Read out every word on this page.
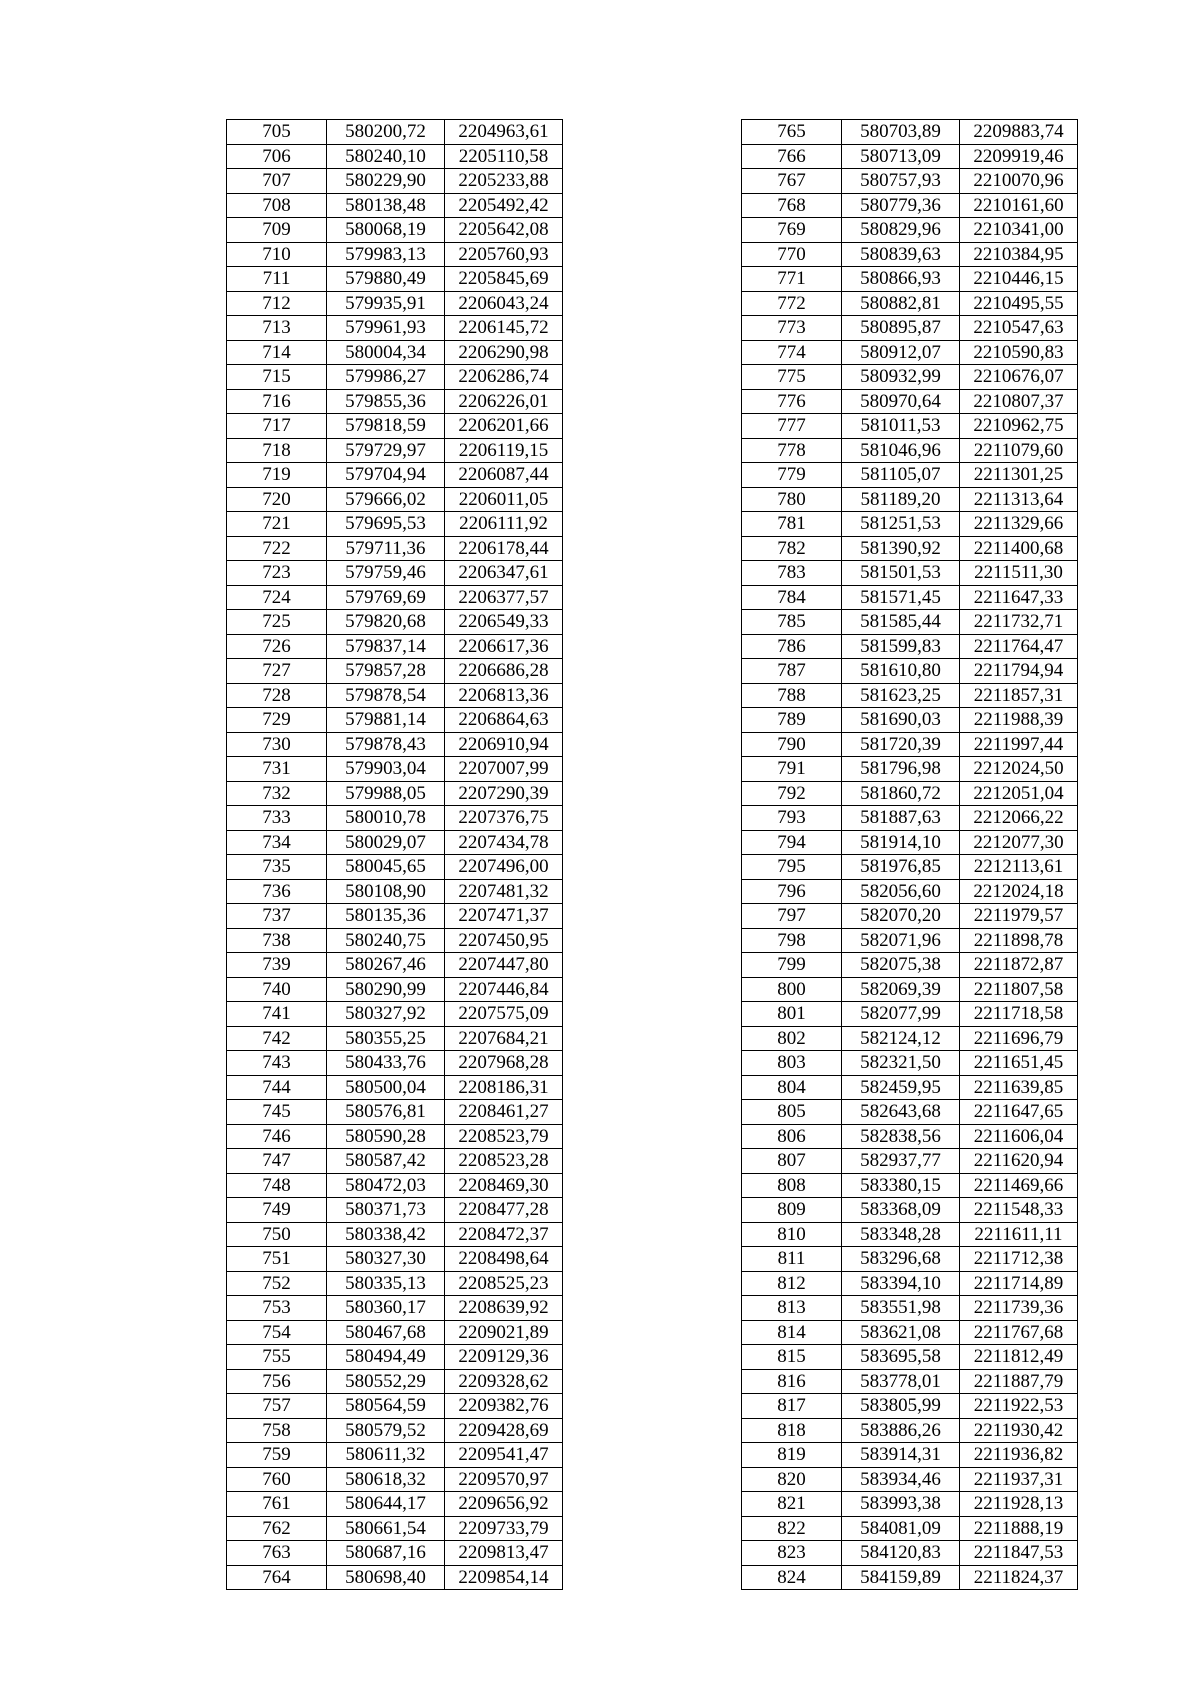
705	580200,72	2204963,61
706	580240,10	2205110,58
707	580229,90	2205233,88
708	580138,48	2205492,42
709	580068,19	2205642,08
710	579983,13	2205760,93
711	579880,49	2205845,69
712	579935,91	2206043,24
713	579961,93	2206145,72
714	580004,34	2206290,98
715	579986,27	2206286,74
716	579855,36	2206226,01
717	579818,59	2206201,66
718	579729,97	2206119,15
719	579704,94	2206087,44
720	579666,02	2206011,05
721	579695,53	2206111,92
722	579711,36	2206178,44
723	579759,46	2206347,61
724	579769,69	2206377,57
725	579820,68	2206549,33
726	579837,14	2206617,36
727	579857,28	2206686,28
728	579878,54	2206813,36
729	579881,14	2206864,63
730	579878,43	2206910,94
731	579903,04	2207007,99
732	579988,05	2207290,39
733	580010,78	2207376,75
734	580029,07	2207434,78
735	580045,65	2207496,00
736	580108,90	2207481,32
737	580135,36	2207471,37
738	580240,75	2207450,95
739	580267,46	2207447,80
740	580290,99	2207446,84
741	580327,92	2207575,09
742	580355,25	2207684,21
743	580433,76	2207968,28
744	580500,04	2208186,31
745	580576,81	2208461,27
746	580590,28	2208523,79
747	580587,42	2208523,28
748	580472,03	2208469,30
749	580371,73	2208477,28
750	580338,42	2208472,37
751	580327,30	2208498,64
752	580335,13	2208525,23
753	580360,17	2208639,92
754	580467,68	2209021,89
755	580494,49	2209129,36
756	580552,29	2209328,62
757	580564,59	2209382,76
758	580579,52	2209428,69
759	580611,32	2209541,47
760	580618,32	2209570,97
761	580644,17	2209656,92
762	580661,54	2209733,79
763	580687,16	2209813,47
764	580698,40	2209854,14
765	580703,89	2209883,74
766	580713,09	2209919,46
767	580757,93	2210070,96
768	580779,36	2210161,60
769	580829,96	2210341,00
770	580839,63	2210384,95
771	580866,93	2210446,15
772	580882,81	2210495,55
773	580895,87	2210547,63
774	580912,07	2210590,83
775	580932,99	2210676,07
776	580970,64	2210807,37
777	581011,53	2210962,75
778	581046,96	2211079,60
779	581105,07	2211301,25
780	581189,20	2211313,64
781	581251,53	2211329,66
782	581390,92	2211400,68
783	581501,53	2211511,30
784	581571,45	2211647,33
785	581585,44	2211732,71
786	581599,83	2211764,47
787	581610,80	2211794,94
788	581623,25	2211857,31
789	581690,03	2211988,39
790	581720,39	2211997,44
791	581796,98	2212024,50
792	581860,72	2212051,04
793	581887,63	2212066,22
794	581914,10	2212077,30
795	581976,85	2212113,61
796	582056,60	2212024,18
797	582070,20	2211979,57
798	582071,96	2211898,78
799	582075,38	2211872,87
800	582069,39	2211807,58
801	582077,99	2211718,58
802	582124,12	2211696,79
803	582321,50	2211651,45
804	582459,95	2211639,85
805	582643,68	2211647,65
806	582838,56	2211606,04
807	582937,77	2211620,94
808	583380,15	2211469,66
809	583368,09	2211548,33
810	583348,28	2211611,11
811	583296,68	2211712,38
812	583394,10	2211714,89
813	583551,98	2211739,36
814	583621,08	2211767,68
815	583695,58	2211812,49
816	583778,01	2211887,79
817	583805,99	2211922,53
818	583886,26	2211930,42
819	583914,31	2211936,82
820	583934,46	2211937,31
821	583993,38	2211928,13
822	584081,09	2211888,19
823	584120,83	2211847,53
824	584159,89	2211824,37
